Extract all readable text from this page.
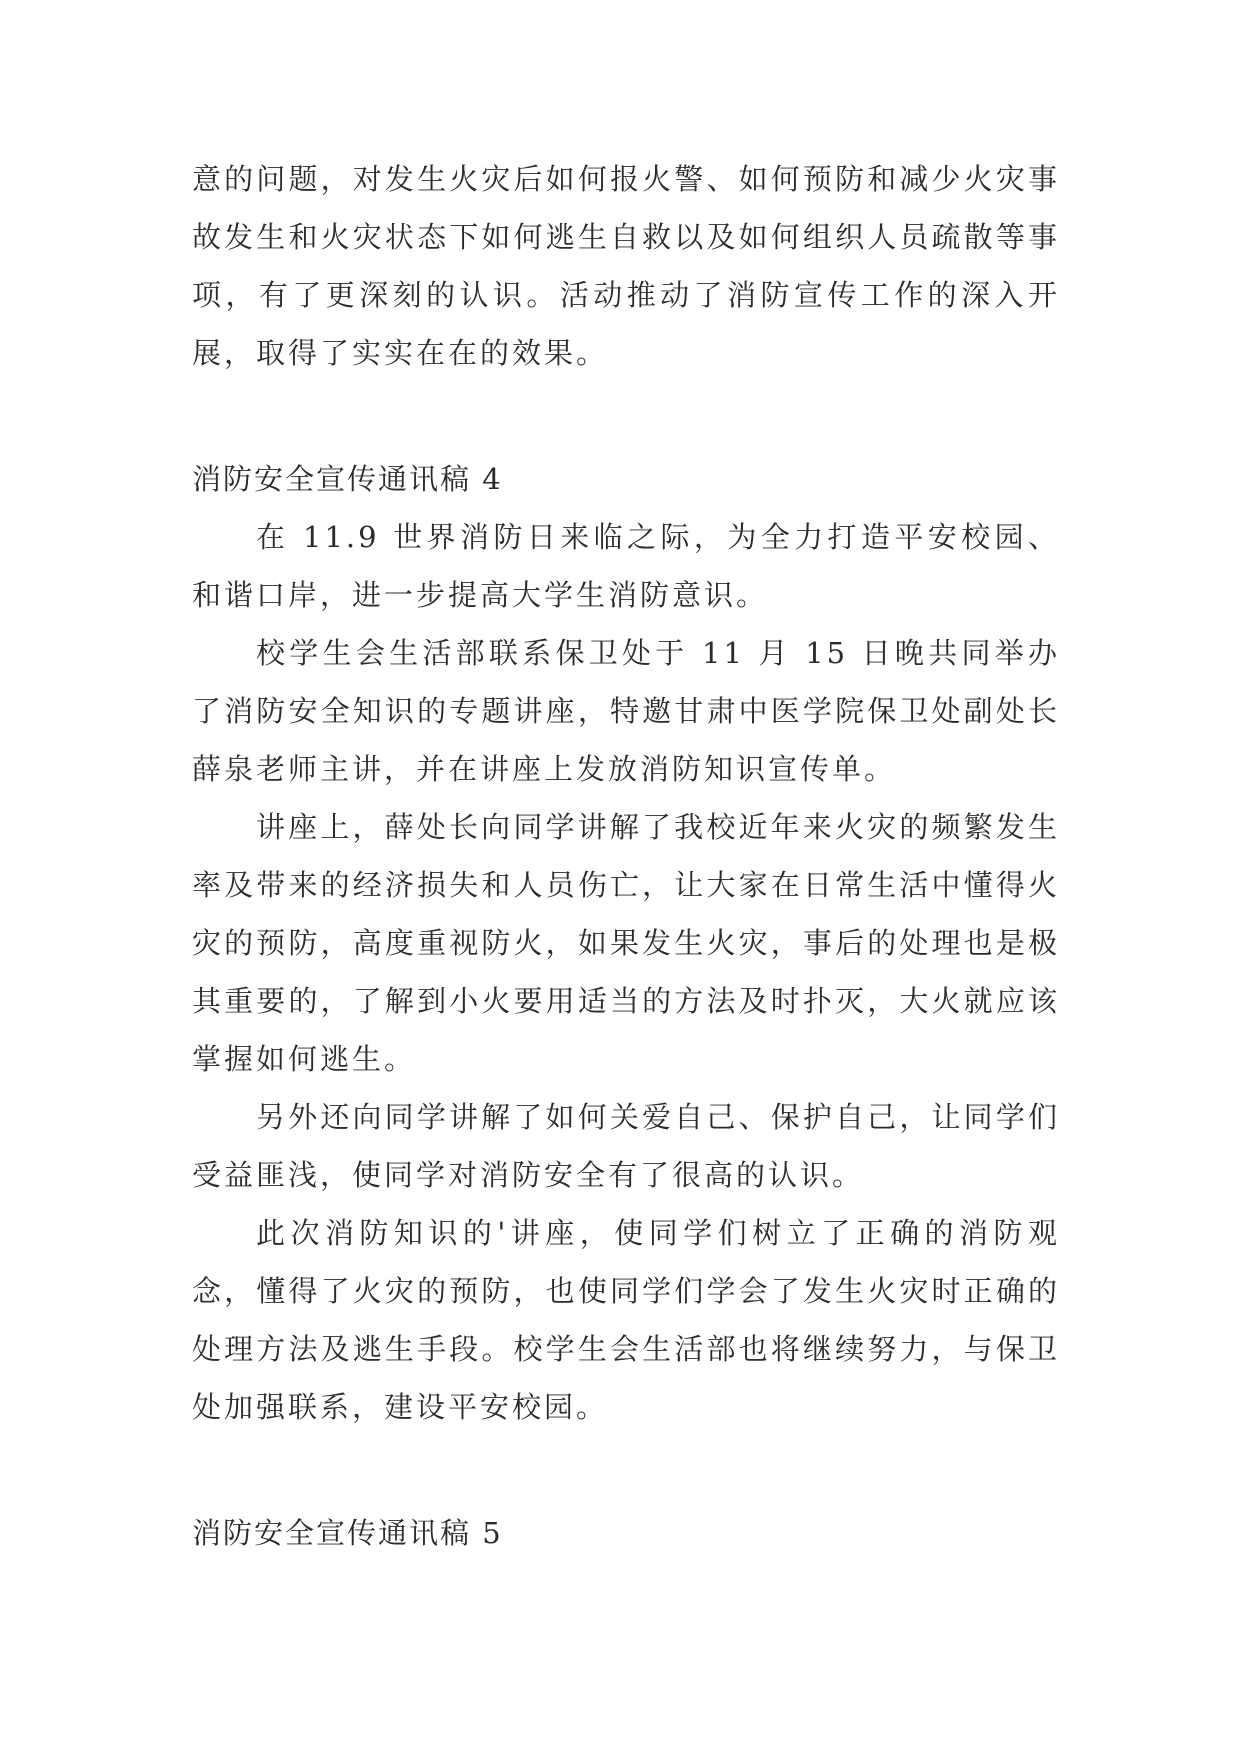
意的问题，对发生火灾后如何报火警、如何预防和减少火灾事故发生和火灾状态下如何逃生自救以及如何组织人员疏散等事项，有了更深刻的认识。活动推动了消防宣传工作的深入开展，取得了实实在在的效果。

消防安全宣传通讯稿 4

在 11.9 世界消防日来临之际，为全力打造平安校园、和谐口岸，进一步提高大学生消防意识。

校学生会生活部联系保卫处于 11 月 15 日晚共同举办了消防安全知识的专题讲座，特邀甘肃中医学院保卫处副处长薛泉老师主讲，并在讲座上发放消防知识宣传单。

讲座上，薛处长向同学讲解了我校近年来火灾的频繁发生率及带来的经济损失和人员伤亡，让大家在日常生活中懂得火灾的预防，高度重视防火，如果发生火灾，事后的处理也是极其重要的，了解到小火要用适当的方法及时扑灭，大火就应该掌握如何逃生。

另外还向同学讲解了如何关爱自己、保护自己，让同学们受益匪浅，使同学对消防安全有了很高的认识。

此次消防知识的'讲座，使同学们树立了正确的消防观念，懂得了火灾的预防，也使同学们学会了发生火灾时正确的处理方法及逃生手段。校学生会生活部也将继续努力，与保卫处加强联系，建设平安校园。

消防安全宣传通讯稿 5
